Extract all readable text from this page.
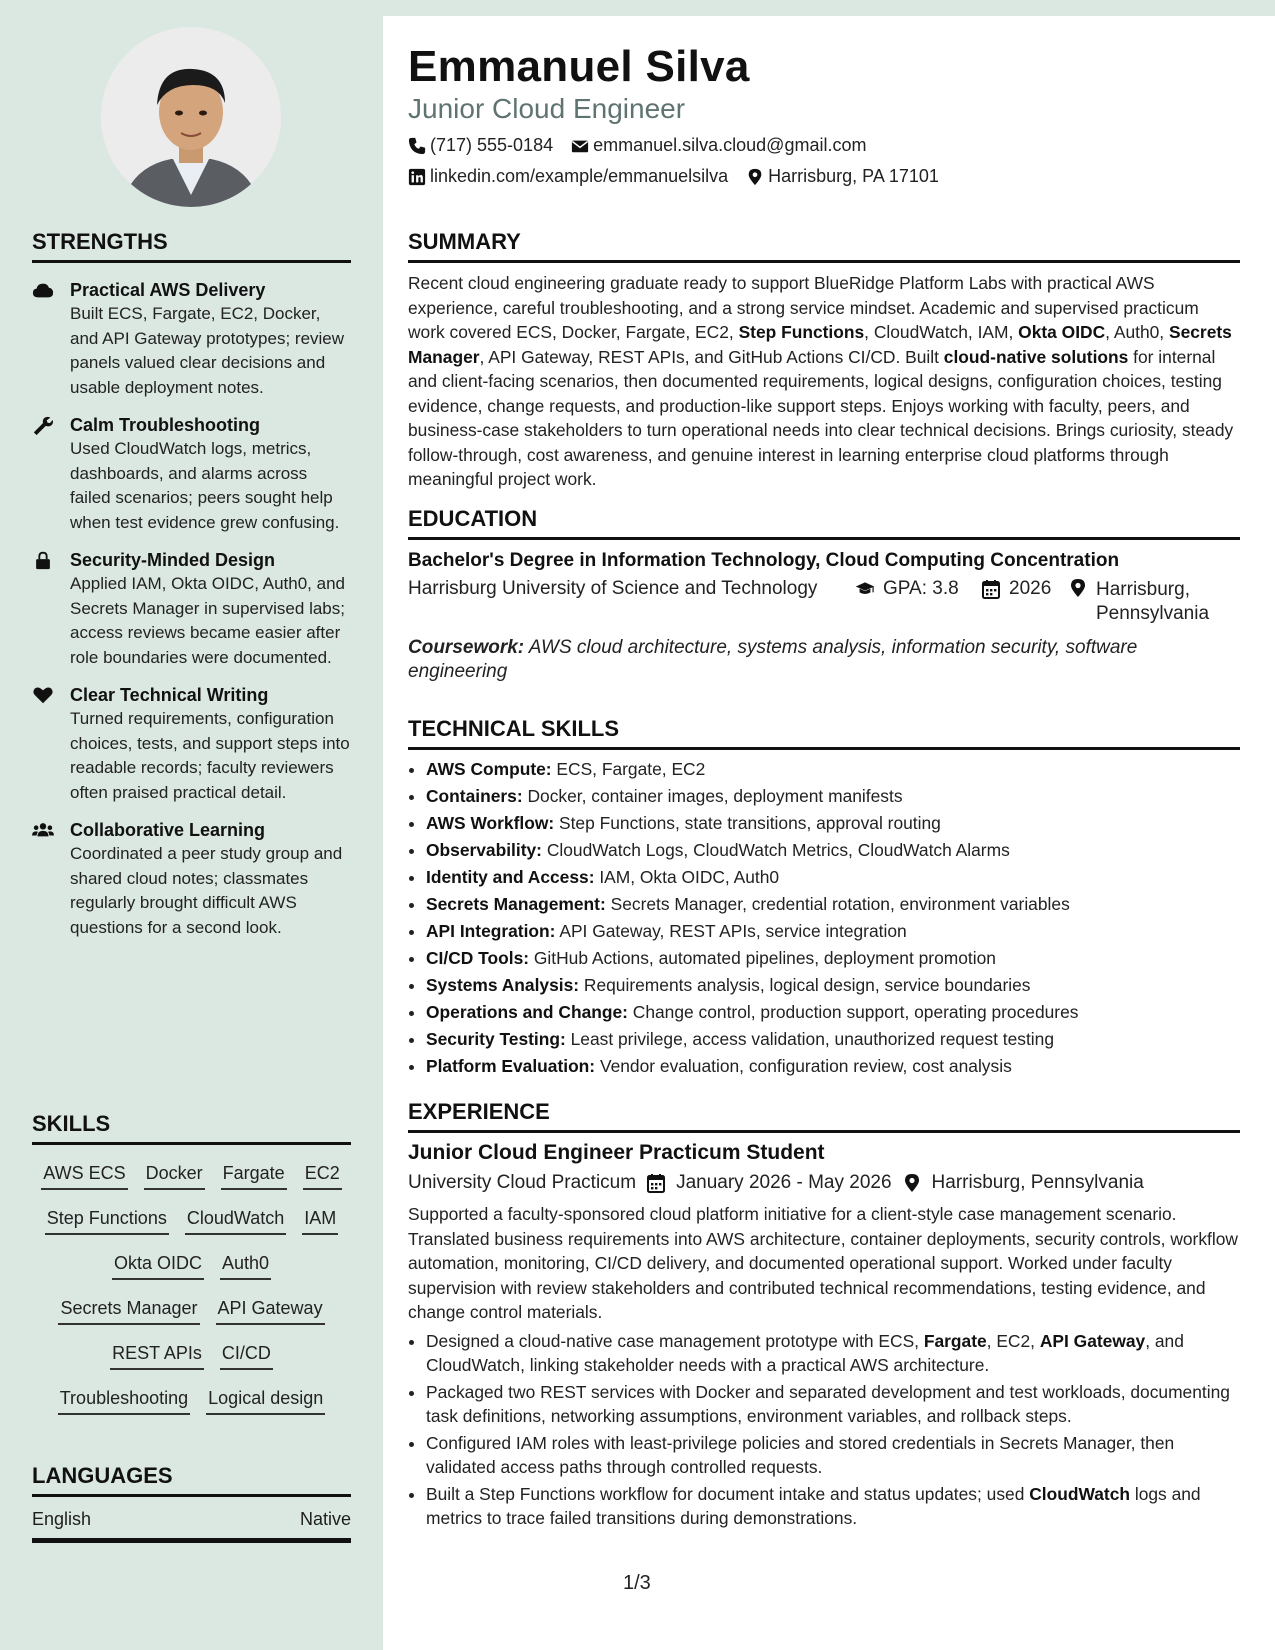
STRENGTHS
Practical AWS Delivery
Built ECS, Fargate, EC2, Docker, and API Gateway prototypes; review panels valued clear decisions and usable deployment notes.
Calm Troubleshooting
Used CloudWatch logs, metrics, dashboards, and alarms across failed scenarios; peers sought help when test evidence grew confusing.
Security-Minded Design
Applied IAM, Okta OIDC, Auth0, and Secrets Manager in supervised labs; access reviews became easier after role boundaries were documented.
Clear Technical Writing
Turned requirements, configuration choices, tests, and support steps into readable records; faculty reviewers often praised practical detail.
Collaborative Learning
Coordinated a peer study group and shared cloud notes; classmates regularly brought difficult AWS questions for a second look.
SKILLS
AWS ECS Docker Fargate EC2
Step Functions CloudWatch IAM
Okta OIDC Auth0
Secrets Manager API Gateway
REST APIs CI/CD
Troubleshooting Logical design
LANGUAGES
English	Native
Emmanuel Silva
Junior Cloud Engineer
(717) 555-0184 emmanuel.silva.cloud@gmail.com
linkedin.com/example/emmanuelsilva Harrisburg, PA 17101
SUMMARY
Recent cloud engineering graduate ready to support BlueRidge Platform Labs with practical AWS experience, careful troubleshooting, and a strong service mindset. Academic and supervised practicum work covered ECS, Docker, Fargate, EC2, Step Functions, CloudWatch, IAM, Okta OIDC, Auth0, Secrets Manager, API Gateway, REST APIs, and GitHub Actions CI/CD. Built cloud-native solutions for internal and client-facing scenarios, then documented requirements, logical designs, configuration choices, testing evidence, change requests, and production-like support steps. Enjoys working with faculty, peers, and business-case stakeholders to turn operational needs into clear technical decisions. Brings curiosity, steady follow-through, cost awareness, and genuine interest in learning enterprise cloud platforms through meaningful project work.
EDUCATION
Bachelor's Degree in Information Technology, Cloud Computing Concentration
Harrisburg University of Science and Technology	GPA: 3.8	2026 Harrisburg, Pennsylvania
Coursework: AWS cloud architecture, systems analysis, information security, software engineering
TECHNICAL SKILLS
• AWS Compute: ECS, Fargate, EC2
• Containers: Docker, container images, deployment manifests
• AWS Workflow: Step Functions, state transitions, approval routing
• Observability: CloudWatch Logs, CloudWatch Metrics, CloudWatch Alarms
• Identity and Access: IAM, Okta OIDC, Auth0
• Secrets Management: Secrets Manager, credential rotation, environment variables
• API Integration: API Gateway, REST APIs, service integration
• CI/CD Tools: GitHub Actions, automated pipelines, deployment promotion
• Systems Analysis: Requirements analysis, logical design, service boundaries
• Operations and Change: Change control, production support, operating procedures
• Security Testing: Least privilege, access validation, unauthorized request testing
• Platform Evaluation: Vendor evaluation, configuration review, cost analysis
EXPERIENCE
Junior Cloud Engineer Practicum Student
University Cloud Practicum January 2026 - May 2026 Harrisburg, Pennsylvania
Supported a faculty-sponsored cloud platform initiative for a client-style case management scenario. Translated business requirements into AWS architecture, container deployments, security controls, workflow automation, monitoring, CI/CD delivery, and documented operational support. Worked under faculty supervision with review stakeholders and contributed technical recommendations, testing evidence, and change control materials.
• Designed a cloud-native case management prototype with ECS, Fargate, EC2, API Gateway, and CloudWatch, linking stakeholder needs with a practical AWS architecture.
• Packaged two REST services with Docker and separated development and test workloads, documenting task definitions, networking assumptions, environment variables, and rollback steps.
• Configured IAM roles with least-privilege policies and stored credentials in Secrets Manager, then validated access paths through controlled requests.
• Built a Step Functions workflow for document intake and status updates; used CloudWatch logs and metrics to trace failed transitions during demonstrations.
1/3
